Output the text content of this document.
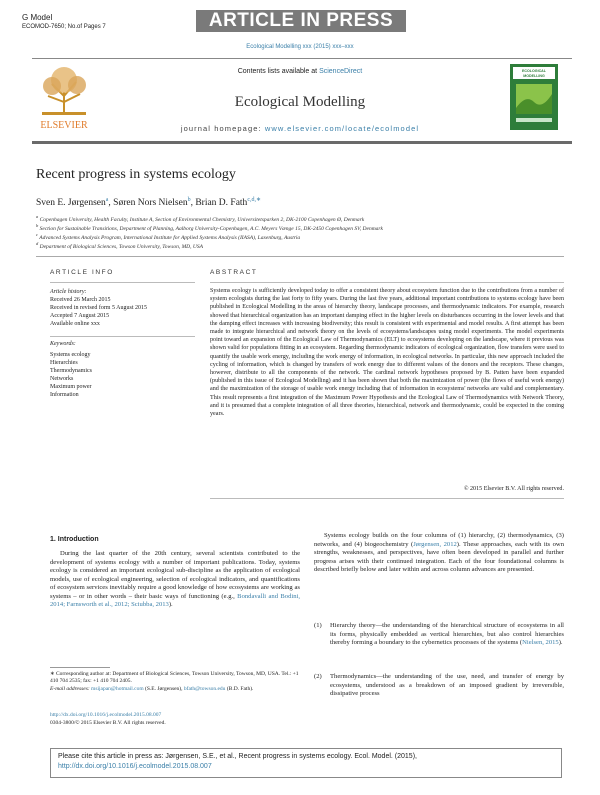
G Model
ECOMOD-7650; No.of Pages 7	ARTICLE IN PRESS
Ecological Modelling xxx (2015) xxx–xxx
ELSEVIER
Contents lists available at ScienceDirect
Ecological Modelling
journal homepage: www.elsevier.com/locate/ecolmodel
ECOLOGICAL
MODELLING
Recent progress in systems ecology
Sven E. Jørgensen$^a$, Søren Nors Nielsen$^b$, Brian D. Fath$^{c,d,∗}$
$^a$ Copenhagen University, Health Faculty, Institute A, Section of Environmental Chemistry, Universitetsparken 2, DK-2100 Copenhagen Ø, Denmark
$^b$ Section for Sustainable Transitions, Department of Planning, Aalborg University-Copenhagen, A.C. Meyers Vænge 15, DK-2450 Copenhagen SV, Denmark
$^c$ Advanced Systems Analysis Program, International Institute for Applied Systems Analysis (IIASA), Laxenburg, Austria
$^d$ Department of Biological Sciences, Towson University, Towson, MD, USA
ARTICLE INFO
Article history:
Received 26 March 2015
Received in revised form 5 August 2015
Accepted 7 August 2015
Available online xxx
Keywords:
Systems ecology
Hierarchies
Thermodynamics
Networks
Maximum power
Information
ABSTRACT
Systems ecology is sufficiently developed today to offer a consistent theory about ecosystem function due to the contributions from a number of system ecologists during the last forty to fifty years. During the last five years, additional important contributions to systems ecology have been published in Ecological Modelling in the areas of hierarchy theory, landscape processes, and thermodynamic indicators. For example, research showed that hierarchical organization has an important damping effect in the higher levels on disturbances occurring in the lower levels and that the damping effect increases with increasing biodiversity; this result is consistent with experimental and model results. A first attempt has been made to integrate hierarchical and network theory on the levels of ecosystems/landscapes using model experiments. The model experiments point toward an expansion of the Ecological Law of Thermodynamics (ELT) to ecosystems developing on the landscape, where it previous was shown valid for populations fitting in an ecosystem. Regarding thermodynamic indicators of ecological organization, flow transfers were used to quantify the usable work energy, including the work energy of information, in ecological networks. In particular, this new approach included the cycling of information, which is changed by transfers of work energy due to different values of the donors and the receptors. These changes, however, distribute to all the components of the network. The cardinal network hypotheses proposed by B. Patten have been expanded (published in this issue of Ecological Modelling) and it has been shown that both the maximization of power (the flows of useful work energy) and the maximization of the storage of usable work energy including that of information in ecosystems' networks are valid and complementary. This result represents a first integration of the Maximum Power Hypothesis and the Ecological Law of Thermodynamics with Network Theory, and it is presumed that a complete integration of all three theories, hierarchical, network and thermodynamic, could be expected in the coming years.
© 2015 Elsevier B.V. All rights reserved.
1. Introduction
During the last quarter of the 20th century, several scientists contributed to the development of systems ecology with a number of important publications. Today, systems ecology is considered an important ecological sub-discipline as the application of ecological models, use of ecological engineering, selection of ecological indicators, and quantifications of ecosystem services inevitably require a good knowledge of how ecosystems are working as systems – or in other words – their basic ways of functioning (e.g., Bondavalli and Bodini, 2014; Farnsworth et al., 2012; Sciubba, 2013).
Systems ecology builds on the four columns of (1) hierarchy, (2) thermodynamics, (3) networks, and (4) biogeochemistry (Jørgensen, 2012). These approaches, each with its own strengths, weaknesses, and perspectives, have often been developed in parallel and further progress arises with their continued integration. Each of the four foundational columns is described briefly below and later within and across column advances are presented.
(1) Hierarchy theory—the understanding of the hierarchical structure of ecosystems in all its forms, physically embedded as vertical hierarchies, but also control hierarchies thereby forming a boundary to the cybernetics processes of the systems (Nielsen, 2015).
(2) Thermodynamics—the understanding of the use, need, and transfer of energy by ecosystems, understood as a breakdown of an imposed gradient by irreversible, dissipative process
∗ Corresponding author at: Department of Biological Sciences, Towson University, Towson, MD, USA. Tel.: +1 410 704 2535; fax: +1 410 704 2405.
E-mail addresses: msijapan@hotmail.com (S.E. Jørgensen), bfath@towson.edu (B.D. Fath).
http://dx.doi.org/10.1016/j.ecolmodel.2015.08.007
0304-3800/© 2015 Elsevier B.V. All rights reserved.
Please cite this article in press as: Jørgensen, S.E., et al., Recent progress in systems ecology. Ecol. Model. (2015), http://dx.doi.org/10.1016/j.ecolmodel.2015.08.007
